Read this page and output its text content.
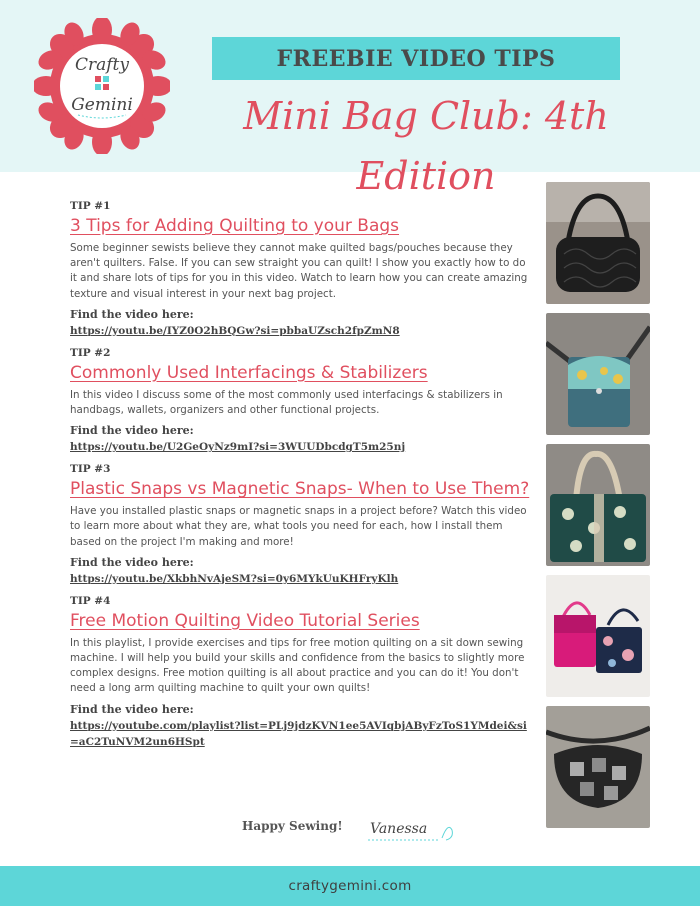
Crafty
Gemini
FREEBIE VIDEO TIPS
Mini Bag Club: 4th Edition
TIP #1
3 Tips for Adding Quilting to your Bags
Some beginner sewists believe they cannot make quilted bags/pouches because they aren't quilters. False. If you can sew straight you can quilt! I show you exactly how to do it and share lots of tips for you in this video. Watch to learn how you can create amazing texture and visual interest in your next bag project.
Find the video here:
https://youtu.be/IYZ0O2hBQGw?si=pbbaUZsch2fpZmN8
TIP #2
Commonly Used Interfacings & Stabilizers
In this video I discuss some of the most commonly used interfacings & stabilizers in handbags, wallets, organizers and other functional projects.
Find the video here:
https://youtu.be/U2GeOyNz9mI?si=3WUUDbcdgT5m25nj
TIP #3
Plastic Snaps vs Magnetic Snaps- When to Use Them?
Have you installed plastic snaps or magnetic snaps in a project before? Watch this video to learn more about what they are, what tools you need for each, how I install them based on the project I'm making and more!
Find the video here:
https://youtu.be/XkbhNvAjeSM?si=0y6MYkUuKHFryKlh
TIP #4
Free Motion Quilting Video Tutorial Series
In this playlist, I provide exercises and tips for free motion quilting on a sit down sewing machine. I will help you build your skills and confidence from the basics to slightly more complex designs. Free motion quilting is all about practice and you can do it! You don't need a long arm quilting machine to quilt your own quilts!
Find the video here:
https://youtube.com/playlist?list=PLj9jdzKVN1ee5AVIqbjAByFzToS1YMdei&si=aC2TuNVM2un6HSpt
Happy Sewing! Vanessa
craftygemini.com
